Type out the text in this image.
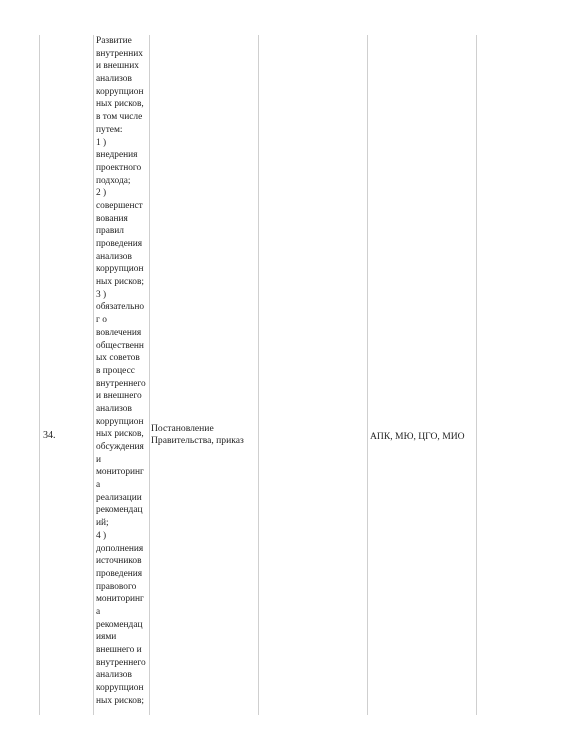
34.
Развитие
внутренних
и внешних
анализов
коррупцион
ных рисков,
в том числе
путем:
1 )
внедрения
проектного
подхода;
2 )
совершенст
вования
правил
проведения
анализов
коррупцион
ных рисков;
3 )
обязательно
г о
вовлечения
общественн
ых советов
в процесс
внутреннего
и внешнего
анализов
коррупцион
ных рисков,
обсуждения
и
мониторинг
а
реализации
рекомендац
ий;
4 )
дополнения
источников
проведения
правового
мониторинг
а
рекомендац
иями
внешнего и
внутреннего
анализов
коррупцион
ных рисков;
Постановление
Правительства, приказ	АПК, МЮ, ЦГО, МИО
